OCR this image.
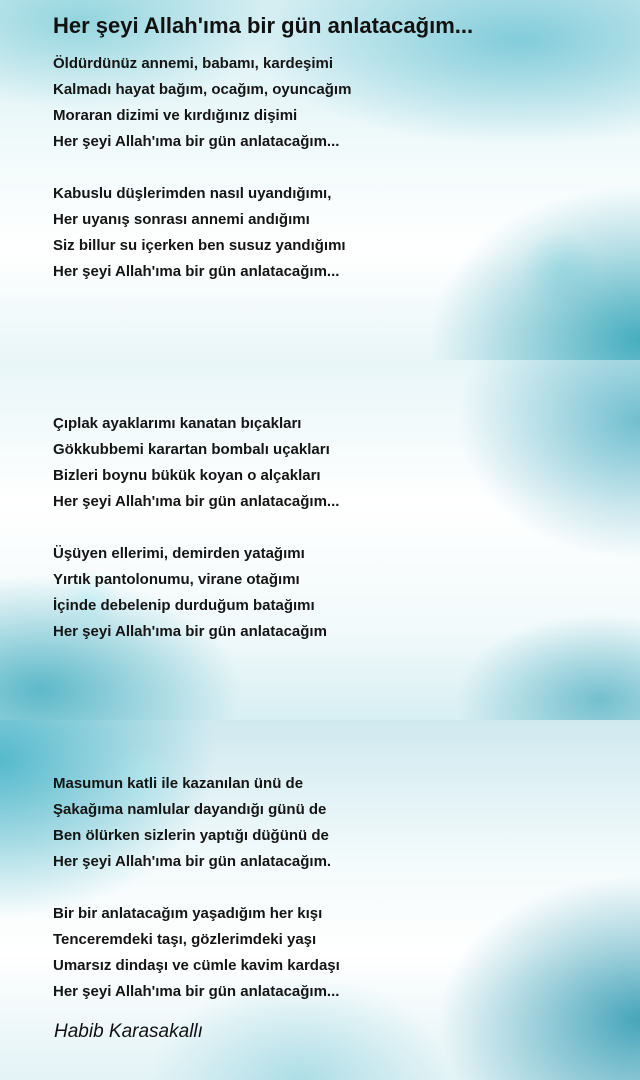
Her şeyi Allah'ıma bir gün anlatacağım...
Öldürdünüz annemi, babamı, kardeşimi
Kalmadı hayat bağım, ocağım, oyuncağım
Moraran dizimi ve kırdığınız dişimi
Her şeyi Allah'ıma bir gün anlatacağım...
Kabuslu düşlerimden nasıl uyandığımı,
Her uyanış sonrası annemi andığımı
Siz billur su içerken ben susuz yandığımı
Her şeyi Allah'ıma bir gün anlatacağım...
Çıplak ayaklarımı kanatan bıçakları
Gökkubbemi karartan bombalı uçakları
Bizleri boynu bükük koyan o alçakları
Her şeyi Allah'ıma bir gün anlatacağım...
Üşüyen ellerimi, demirden yatağımı
Yırtık pantolonumu, virane otağımı
İçinde debelenip durduğum batağımı
Her şeyi Allah'ıma bir gün anlatacağım
Masumun katli ile kazanılan ünü de
Şakağıma namlular dayandığı günü de
Ben ölürken sizlerin yaptığı düğünü de
Her şeyi Allah'ıma bir gün anlatacağım.
Bir bir anlatacağım yaşadığım her kışı
Tenceremdeki taşı, gözlerimdeki yaşı
Umarsız dindaşı ve cümle kavim kardaşı
Her şeyi Allah'ıma bir gün anlatacağım...

Habib Karasakallı
